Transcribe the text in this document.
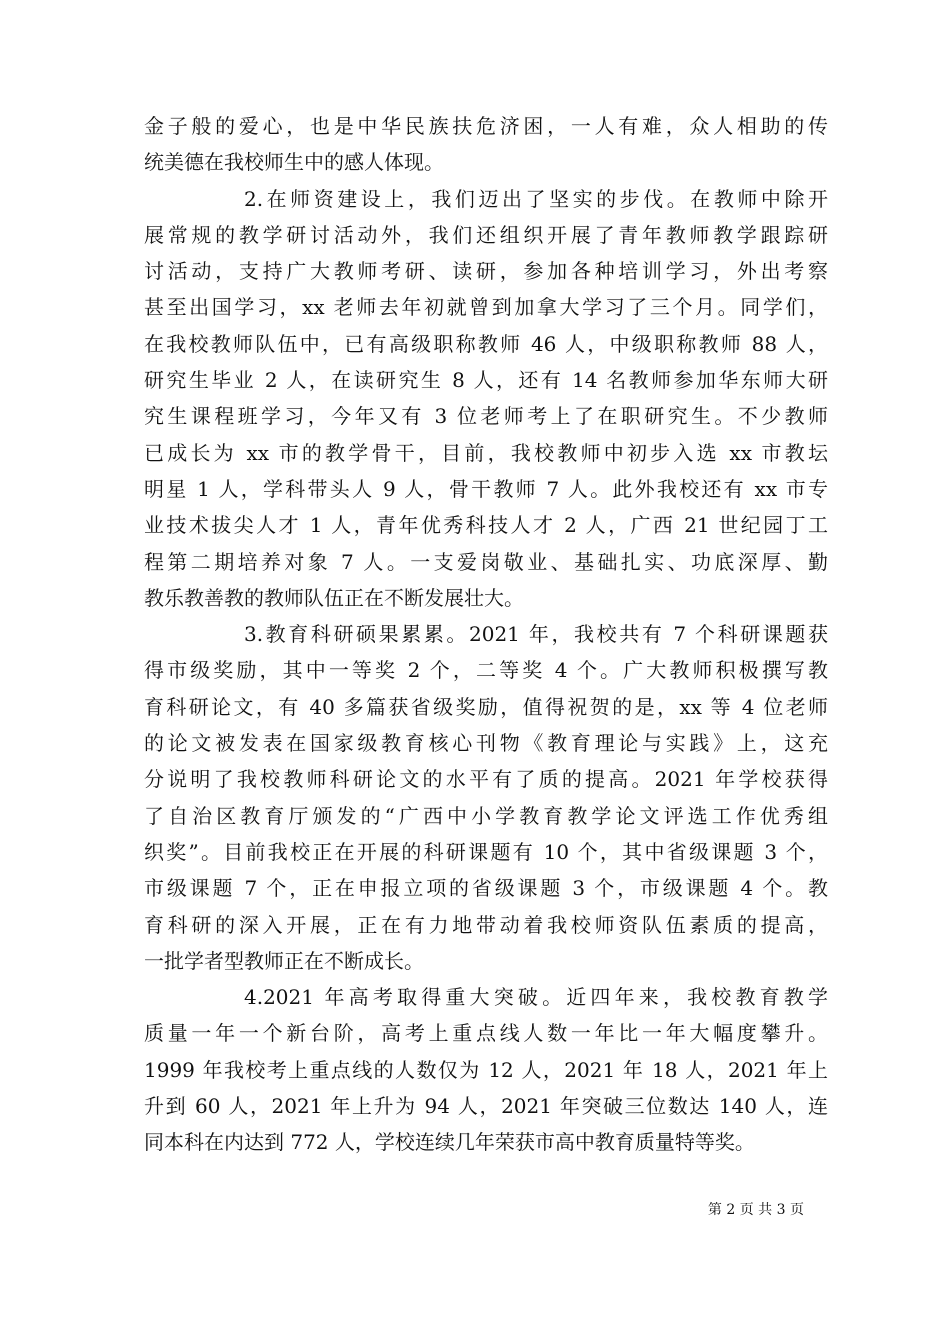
金子般的爱心，也是中华民族扶危济困，一人有难，众人相助的传
统美德在我校师生中的感人体现。
2.在师资建设上，我们迈出了坚实的步伐。在教师中除开
展常规的教学研讨活动外，我们还组织开展了青年教师教学跟踪研
讨活动，支持广大教师考研、读研，参加各种培训学习，外出考察
甚至出国学习，xx 老师去年初就曾到加拿大学习了三个月。同学们，
在我校教师队伍中，已有高级职称教师 46 人，中级职称教师 88 人，
研究生毕业 2 人，在读研究生 8 人，还有 14 名教师参加华东师大研
究生课程班学习，今年又有 3 位老师考上了在职研究生。不少教师
已成长为 xx 市的教学骨干，目前，我校教师中初步入选 xx 市教坛
明星 1 人，学科带头人 9 人，骨干教师 7 人。此外我校还有 xx 市专
业技术拔尖人才 1 人，青年优秀科技人才 2 人，广西 21 世纪园丁工
程第二期培养对象 7 人。一支爱岗敬业、基础扎实、功底深厚、勤
教乐教善教的教师队伍正在不断发展壮大。
3.教育科研硕果累累。2021 年，我校共有 7 个科研课题获
得市级奖励，其中一等奖 2 个，二等奖 4 个。广大教师积极撰写教
育科研论文，有 40 多篇获省级奖励，值得祝贺的是，xx 等 4 位老师
的论文被发表在国家级教育核心刊物《教育理论与实践》上，这充
分说明了我校教师科研论文的水平有了质的提高。2021 年学校获得
了自治区教育厅颁发的“广西中小学教育教学论文评选工作优秀组
织奖”。目前我校正在开展的科研课题有 10 个，其中省级课题 3 个，
市级课题 7 个，正在申报立项的省级课题 3 个，市级课题 4 个。教
育科研的深入开展，正在有力地带动着我校师资队伍素质的提高，
一批学者型教师正在不断成长。
4.2021 年高考取得重大突破。近四年来，我校教育教学
质量一年一个新台阶，高考上重点线人数一年比一年大幅度攀升。
1999 年我校考上重点线的人数仅为 12 人，2021 年 18 人，2021 年上
升到 60 人，2021 年上升为 94 人，2021 年突破三位数达 140 人，连
同本科在内达到 772 人，学校连续几年荣获市高中教育质量特等奖。
第 2 页 共 3 页
